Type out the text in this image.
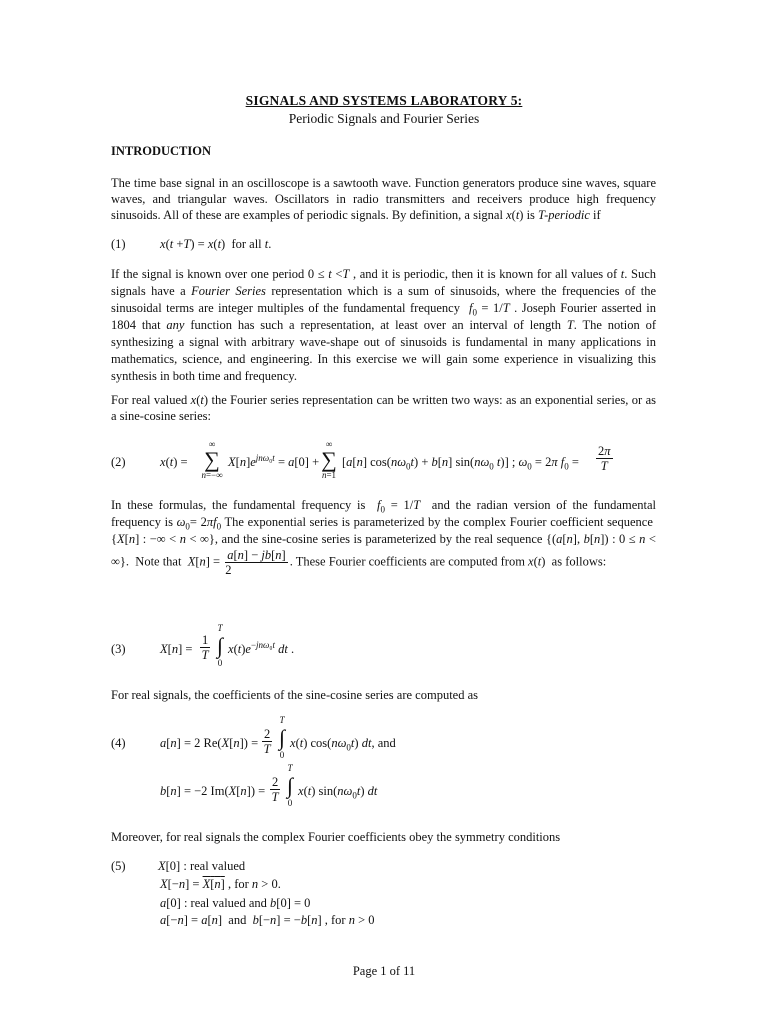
SIGNALS AND SYSTEMS LABORATORY 5:
Periodic Signals and Fourier Series
INTRODUCTION
The time base signal in an oscilloscope is a sawtooth wave. Function generators produce sine waves, square waves, and triangular waves. Oscillators in radio transmitters and receivers produce high frequency sinusoids. All of these are examples of periodic signals. By definition, a signal x(t) is T-periodic if
(1)	x(t +T) = x(t)  for all t.
If the signal is known over one period 0 ≤ t <T , and it is periodic, then it is known for all values of t. Such signals have a Fourier Series representation which is a sum of sinusoids, where the frequencies of the sinusoidal terms are integer multiples of the fundamental frequency  $f_0 = 1/T$ . Joseph Fourier asserted in 1804 that any function has such a representation, at least over an interval of length T. The notion of synthesizing a signal with arbitrary wave-shape out of sinusoids is fundamental in many applications in mathematics, science, and engineering. In this exercise we will gain some experience in visualizing this synthesis in both time and frequency.
For real valued x(t) the Fourier series representation can be written two ways: as an exponential series, or as a sine-cosine series:
(2)	x(t) =
∞
∑
n=−∞
$X[n]e^{jn\omega_0t} = a[0]$ +
∞
∑
n=1
[a[n] $\cos(n\omega_0t) + b[n]$ $\sin(n\omega_0$ t)] ; $\omega_0 = 2\pi$ $f_0 = \frac{2\pi}{T}$
In these formulas, the fundamental frequency is  $f_0 = 1/T$  and the radian version of the fundamental frequency is $\omega_0= 2\pi f_0$ The exponential series is parameterized by the complex Fourier coefficient sequence  {X[n] : −∞ < n < ∞}, and the sine-cosine series is parameterized by the real sequence {(a[n], b[n]) : 0 ≤ n < ∞}.  Note that  $X[n] = \frac{a[n] - jb[n]}{2}$ . These Fourier coefficients are computed from x(t)  as follows:
(3)	$X[n] = \frac{1}{T}$
T
∫
0
$x(t)e^{-jn\omega_0t}$ dt .
For real signals, the coefficients of the sine-cosine series are computed as
(4)	a[n] = 2 $Re(X[n]) = \frac{2}{T}$
T
∫
0
x(t) $\cos(n\omega_0t)$ dt, and
b[n] = −2 $Im(X[n]) = \frac{2}{T}$
T
∫
0
x(t) $\sin(n\omega_0t)$ dt
Moreover, for real signals the complex Fourier coefficients obey the symmetry conditions
(5)	X[0] : real valued
X[−n] = X[n] , for n > 0.
a[0] : real valued and b[0] = 0
a[−n] = a[n]  and  b[−n] = −b[n] , for n > 0
Page 1 of 11
